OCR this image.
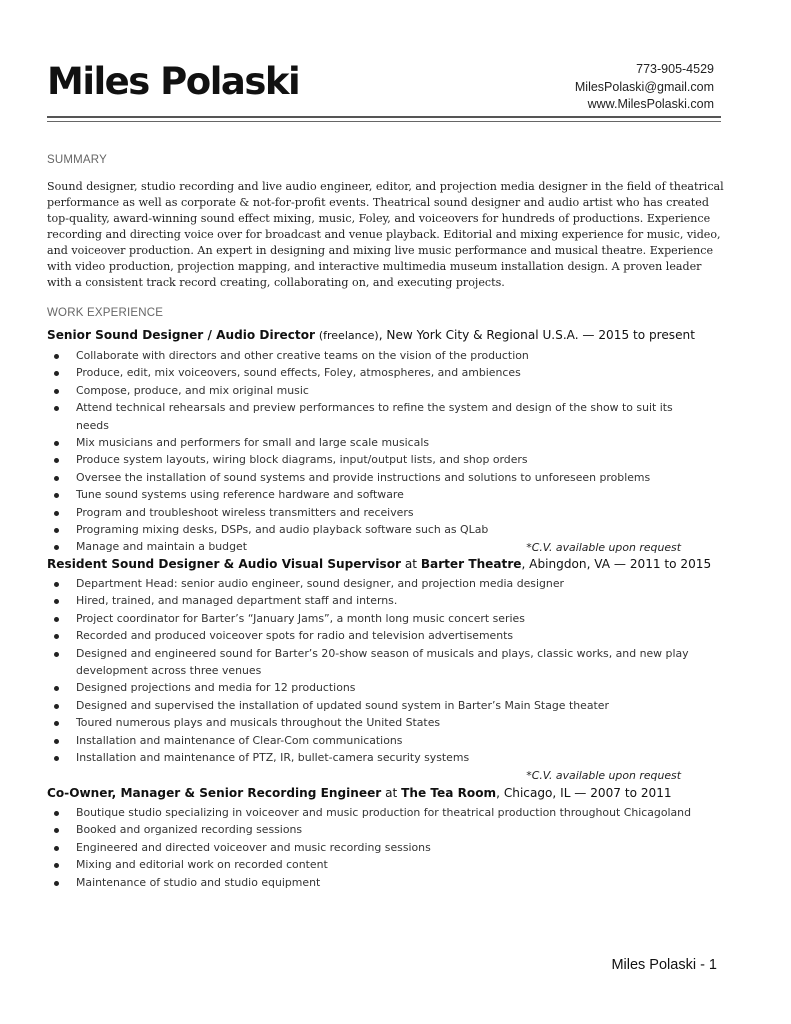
Miles Polaski	773-905-4529
MilesPolaski@gmail.com
www.MilesPolaski.com
SUMMARY

Sound designer, studio recording and live audio engineer, editor, and projection media designer in the field of theatrical performance as well as corporate & not-for-profit events. Theatrical sound designer and audio artist who has created top-quality, award-winning sound effect mixing, music, Foley, and voiceovers for hundreds of productions. Experience recording and directing voice over for broadcast and venue playback. Editorial and mixing experience for music, video, and voiceover production. An expert in designing and mixing live music performance and musical theatre. Experience with video production, projection mapping, and interactive multimedia museum installation design. A proven leader with a consistent track record creating, collaborating on, and executing projects.

WORK EXPERIENCE
Senior Sound Designer / Audio Director (freelance), New York City & Regional U.S.A. — 2015 to present
Collaborate with directors and other creative teams on the vision of the production
Produce, edit, mix voiceovers, sound effects, Foley, atmospheres, and ambiences
Compose, produce, and mix original music
Attend technical rehearsals and preview performances to refine the system and design of the show to suit its needs
Mix musicians and performers for small and large scale musicals
Produce system layouts, wiring block diagrams, input/output lists, and shop orders
Oversee the installation of sound systems and provide instructions and solutions to unforeseen problems
Tune sound systems using reference hardware and software
Program and troubleshoot wireless transmitters and receivers
Programing mixing desks, DSPs, and audio playback software such as QLab
Manage and maintain a budget	*C.V. available upon request
Resident Sound Designer & Audio Visual Supervisor at Barter Theatre, Abingdon, VA — 2011 to 2015
Department Head: senior audio engineer, sound designer, and projection media designer
Hired, trained, and managed department staff and interns.
Project coordinator for Barter’s “January Jams”, a month long music concert series
Recorded and produced voiceover spots for radio and television advertisements
Designed and engineered sound for Barter’s 20-show season of musicals and plays, classic works, and new play development across three venues
Designed projections and media for 12 productions
Designed and supervised the installation of updated sound system in Barter’s Main Stage theater
Toured numerous plays and musicals throughout the United States
Installation and maintenance of Clear-Com communications
Installation and maintenance of PTZ, IR, bullet-camera security systems
*C.V. available upon request
Co-Owner, Manager & Senior Recording Engineer at The Tea Room, Chicago, IL — 2007 to 2011
Boutique studio specializing in voiceover and music production for theatrical production throughout Chicagoland
Booked and organized recording sessions
Engineered and directed voiceover and music recording sessions
Mixing and editorial work on recorded content
Maintenance of studio and studio equipment
Miles Polaski - 1
